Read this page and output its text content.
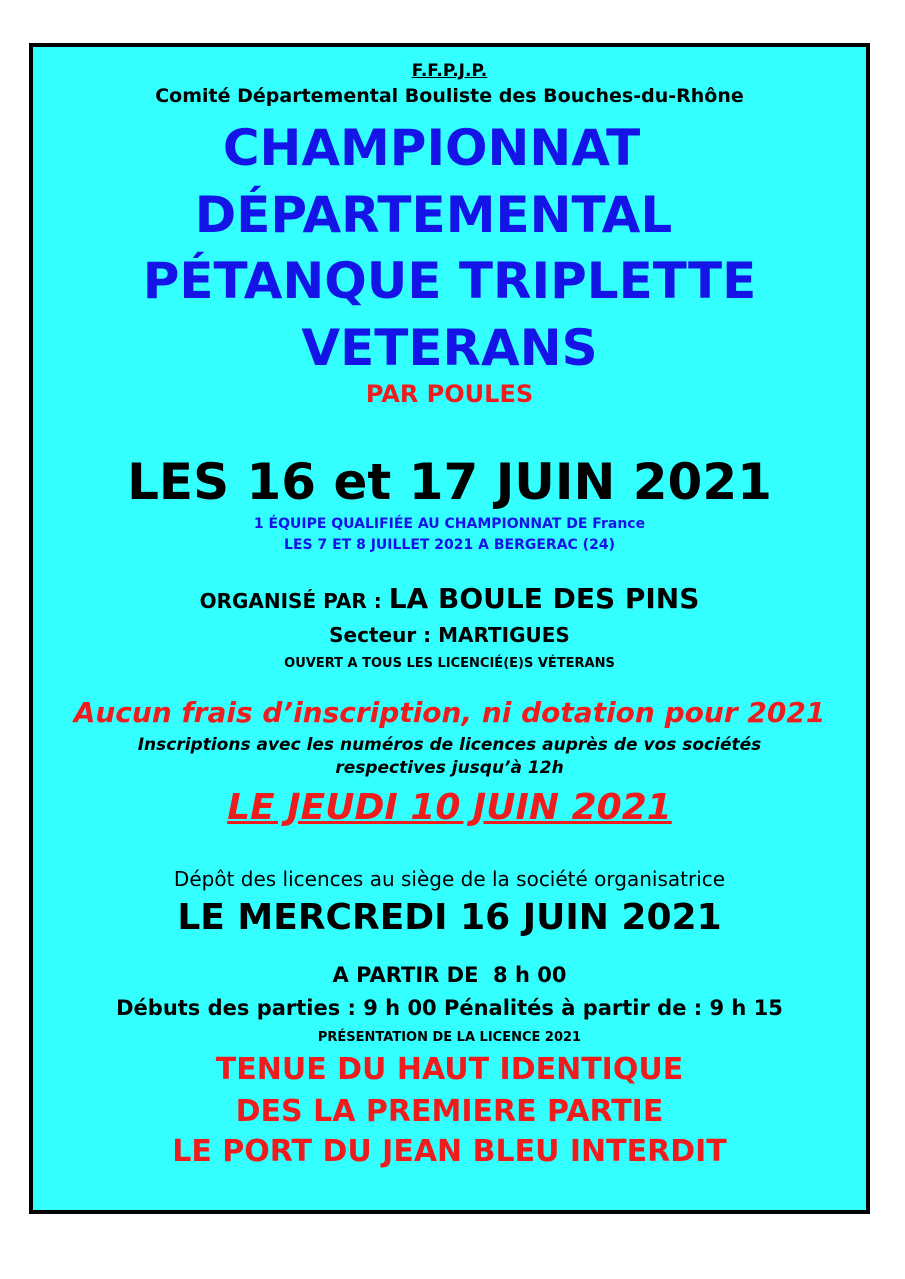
F.F.P.J.P.
Comité Départemental Bouliste des Bouches-du-Rhône
CHAMPIONNAT
DÉPARTEMENTAL
PÉTANQUE TRIPLETTE
VETERANS
PAR POULES
LES 16 et 17 JUIN 2021
1 ÉQUIPE QUALIFIÉE AU CHAMPIONNAT DE France
LES 7 ET 8 JUILLET 2021 A BERGERAC (24)
ORGANISÉ PAR : LA BOULE DES PINS
Secteur : MARTIGUES
OUVERT A TOUS LES LICENCIÉ(E)S VÉTERANS
Aucun frais d’inscription, ni dotation pour 2021
Inscriptions avec les numéros de licences auprès de vos sociétés
respectives jusqu’à 12h
LE JEUDI 10 JUIN 2021
Dépôt des licences au siège de la société organisatrice
LE MERCREDI 16 JUIN 2021
A PARTIR DE  8 h 00
Débuts des parties : 9 h 00 Pénalités à partir de : 9 h 15
PRÉSENTATION DE LA LICENCE 2021
TENUE DU HAUT IDENTIQUE
DES LA PREMIERE PARTIE
LE PORT DU JEAN BLEU INTERDIT
